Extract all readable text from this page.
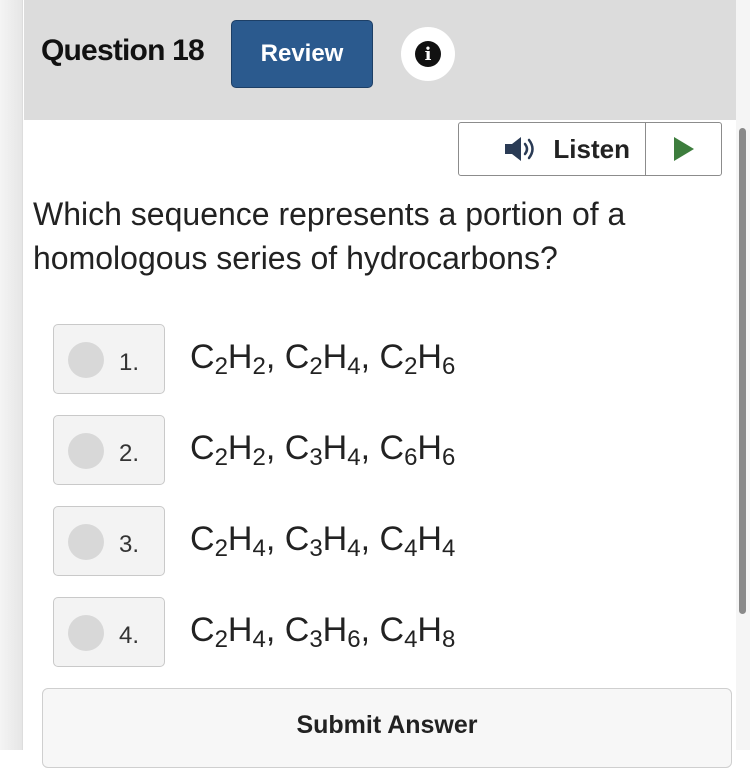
Question 18	Review	i
Listen
Which sequence represents a portion of a homologous series of hydrocarbons?
1. $C_2H_2$, $C_2H_4$, $C_2H_6$
2. $C_2H_2$, $C_3H_4$, $C_6H_6$
3. $C_2H_4$, $C_3H_4$, $C_4H_4$
4. $C_2H_4$, $C_3H_6$, $C_4H_8$
Submit Answer
